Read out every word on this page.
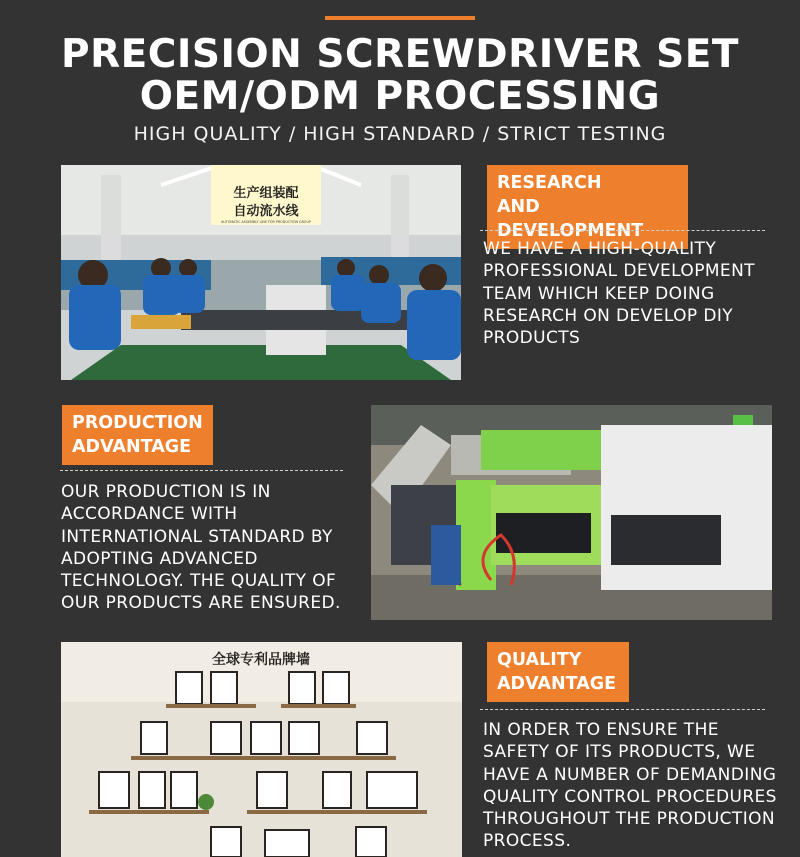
PRECISION SCREWDRIVER SET
OEM/ODM PROCESSING
HIGH QUALITY / HIGH STANDARD / STRICT TESTING
生产组装配
自动流水线
AUTOMATIC ASSEMBLY LINE FOR PRODUCTION GROUP
RESEARCH
AND DEVELOPMENT

WE HAVE A HIGH-QUALITY PROFESSIONAL DEVELOPMENT TEAM WHICH KEEP DOING RESEARCH ON DEVELOP DIY PRODUCTS

PRODUCTION
ADVANTAGE

OUR PRODUCTION IS IN ACCORDANCE WITH INTERNATIONAL STANDARD BY ADOPTING ADVANCED TECHNOLOGY. THE QUALITY OF OUR PRODUCTS ARE ENSURED.

全球专利品牌墙	QUALITY
ADVANTAGE

IN ORDER TO ENSURE THE SAFETY OF ITS PRODUCTS, WE HAVE A NUMBER OF DEMANDING QUALITY CONTROL PROCEDURES THROUGHOUT THE PRODUCTION PROCESS.
